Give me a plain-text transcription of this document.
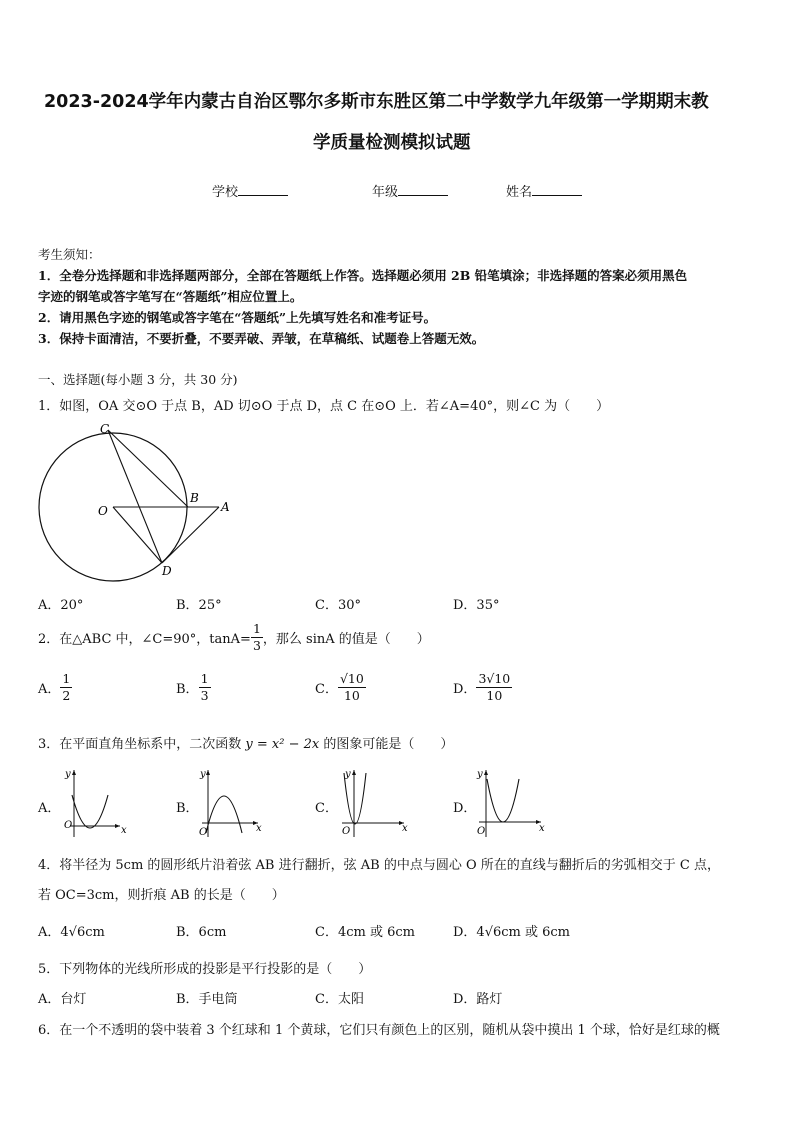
2023-2024学年内蒙古自治区鄂尔多斯市东胜区第二中学数学九年级第一学期期末教
学质量检测模拟试题
学校	年级	姓名
考生须知：
1．全卷分选择题和非选择题两部分，全部在答题纸上作答。选择题必须用 2B 铅笔填涂；非选择题的答案必须用黑色
字迹的钢笔或答字笔写在“答题纸”相应位置上。
2．请用黑色字迹的钢笔或答字笔在“答题纸”上先填写姓名和准考证号。
3．保持卡面清洁，不要折叠，不要弄破、弄皱，在草稿纸、试题卷上答题无效。
一、选择题(每小题 3 分，共 30 分)
1．如图，OA 交⊙O 于点 B，AD 切⊙O 于点 D，点 C 在⊙O 上．若∠A=40°，则∠C 为（　　）
C
O
B
A
D
A．20°	B．25°	C．30°	D．35°
2．在△ABC 中，∠C=90°，$\tan A= \frac{1}{3}$ ，那么 sinA 的值是（　　）
A． $\frac{1}{2}$	B． $\frac{1}{3}$	C． $\frac{√10}{10}$	D． $\frac{3√10}{10}$
3．在平面直角坐标系中，二次函数 y = x² − 2x 的图象可能是（　　）
A．
O	x
y
B．
O	x
y
C．
O	x
y
D．
O	x
y
4．将半径为 5cm 的圆形纸片沿着弦 AB 进行翻折，弦 AB 的中点与圆心 O 所在的直线与翻折后的劣弧相交于 C 点，
若 OC=3cm，则折痕 AB 的长是（　　）
A．4√6cm	B．6cm	C．4cm 或 6cm	D．4√6cm 或 6cm
5．下列物体的光线所形成的投影是平行投影的是（　　）
A．台灯	B．手电筒	C．太阳	D．路灯
6．在一个不透明的袋中装着 3 个红球和 1 个黄球，它们只有颜色上的区别，随机从袋中摸出 1 个球，恰好是红球的概
